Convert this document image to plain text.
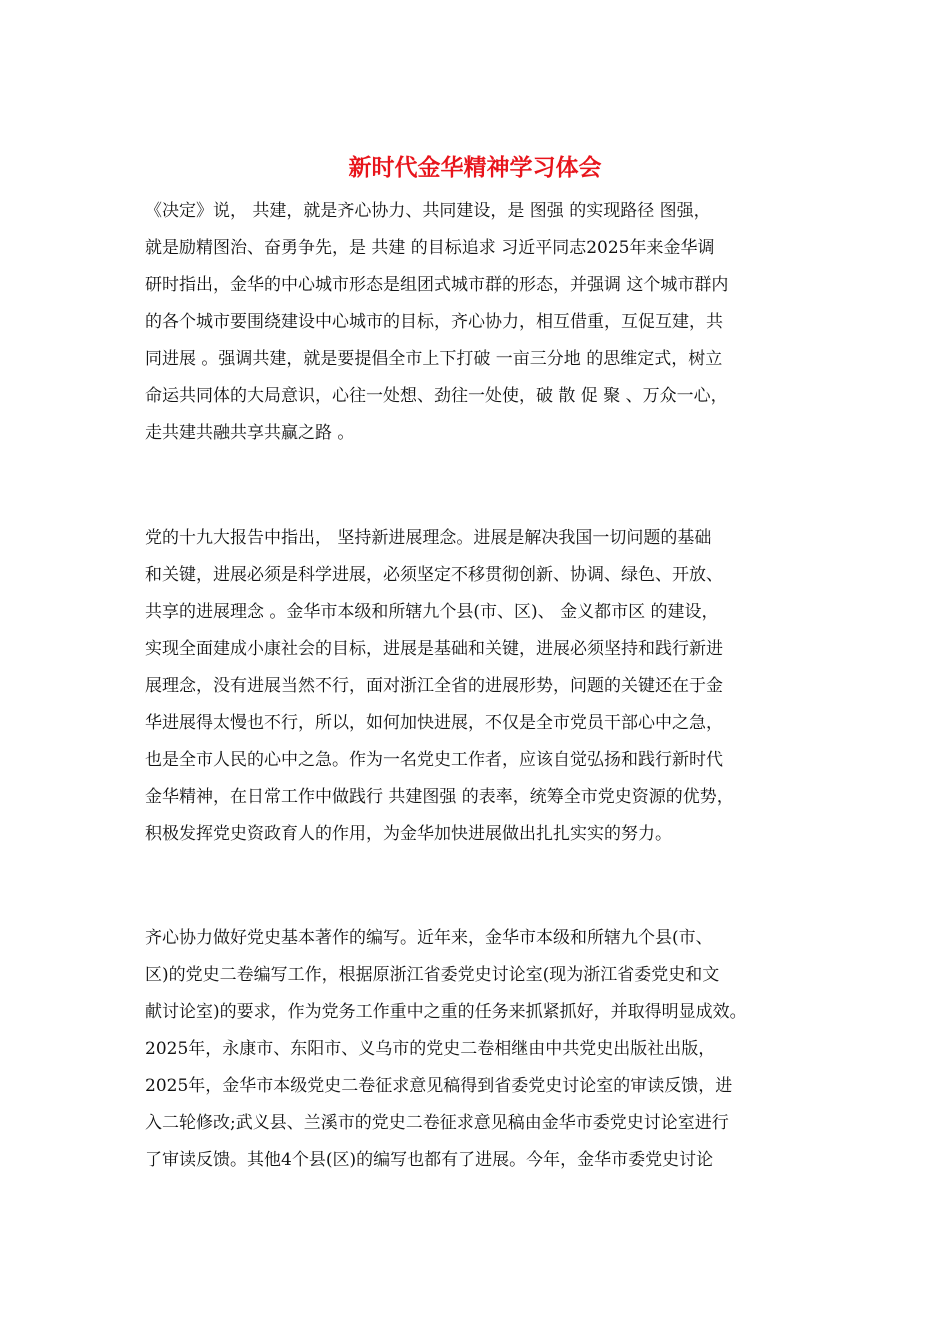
新时代金华精神学习体会
《决定》说， 共建，就是齐心协力、共同建设，是 图强 的实现路径 图强，
就是励精图治、奋勇争先，是 共建 的目标追求 习近平同志2025年来金华调
研时指出，金华的中心城市形态是组团式城市群的形态，并强调 这个城市群内
的各个城市要围绕建设中心城市的目标，齐心协力，相互借重，互促互建，共
同进展 。强调共建，就是要提倡全市上下打破 一亩三分地 的思维定式，树立
命运共同体的大局意识，心往一处想、劲往一处使，破 散 促 聚 、万众一心，
走共建共融共享共赢之路 。
党的十九大报告中指出， 坚持新进展理念。进展是解决我国一切问题的基础
和关键，进展必须是科学进展，必须坚定不移贯彻创新、协调、绿色、开放、
共享的进展理念 。金华市本级和所辖九个县(市、区)、 金义都市区 的建设，
实现全面建成小康社会的目标，进展是基础和关键，进展必须坚持和践行新进
展理念，没有进展当然不行，面对浙江全省的进展形势，问题的关键还在于金
华进展得太慢也不行，所以，如何加快进展，不仅是全市党员干部心中之急，
也是全市人民的心中之急。作为一名党史工作者，应该自觉弘扬和践行新时代
金华精神，在日常工作中做践行 共建图强 的表率，统筹全市党史资源的优势，
积极发挥党史资政育人的作用，为金华加快进展做出扎扎实实的努力。
齐心协力做好党史基本著作的编写。近年来，金华市本级和所辖九个县(市、
区)的党史二卷编写工作，根据原浙江省委党史讨论室(现为浙江省委党史和文
献讨论室)的要求，作为党务工作重中之重的任务来抓紧抓好，并取得明显成效。
2025年，永康市、东阳市、义乌市的党史二卷相继由中共党史出版社出版，
2025年，金华市本级党史二卷征求意见稿得到省委党史讨论室的审读反馈，进
入二轮修改;武义县、兰溪市的党史二卷征求意见稿由金华市委党史讨论室进行
了审读反馈。其他4个县(区)的编写也都有了进展。今年，金华市委党史讨论
